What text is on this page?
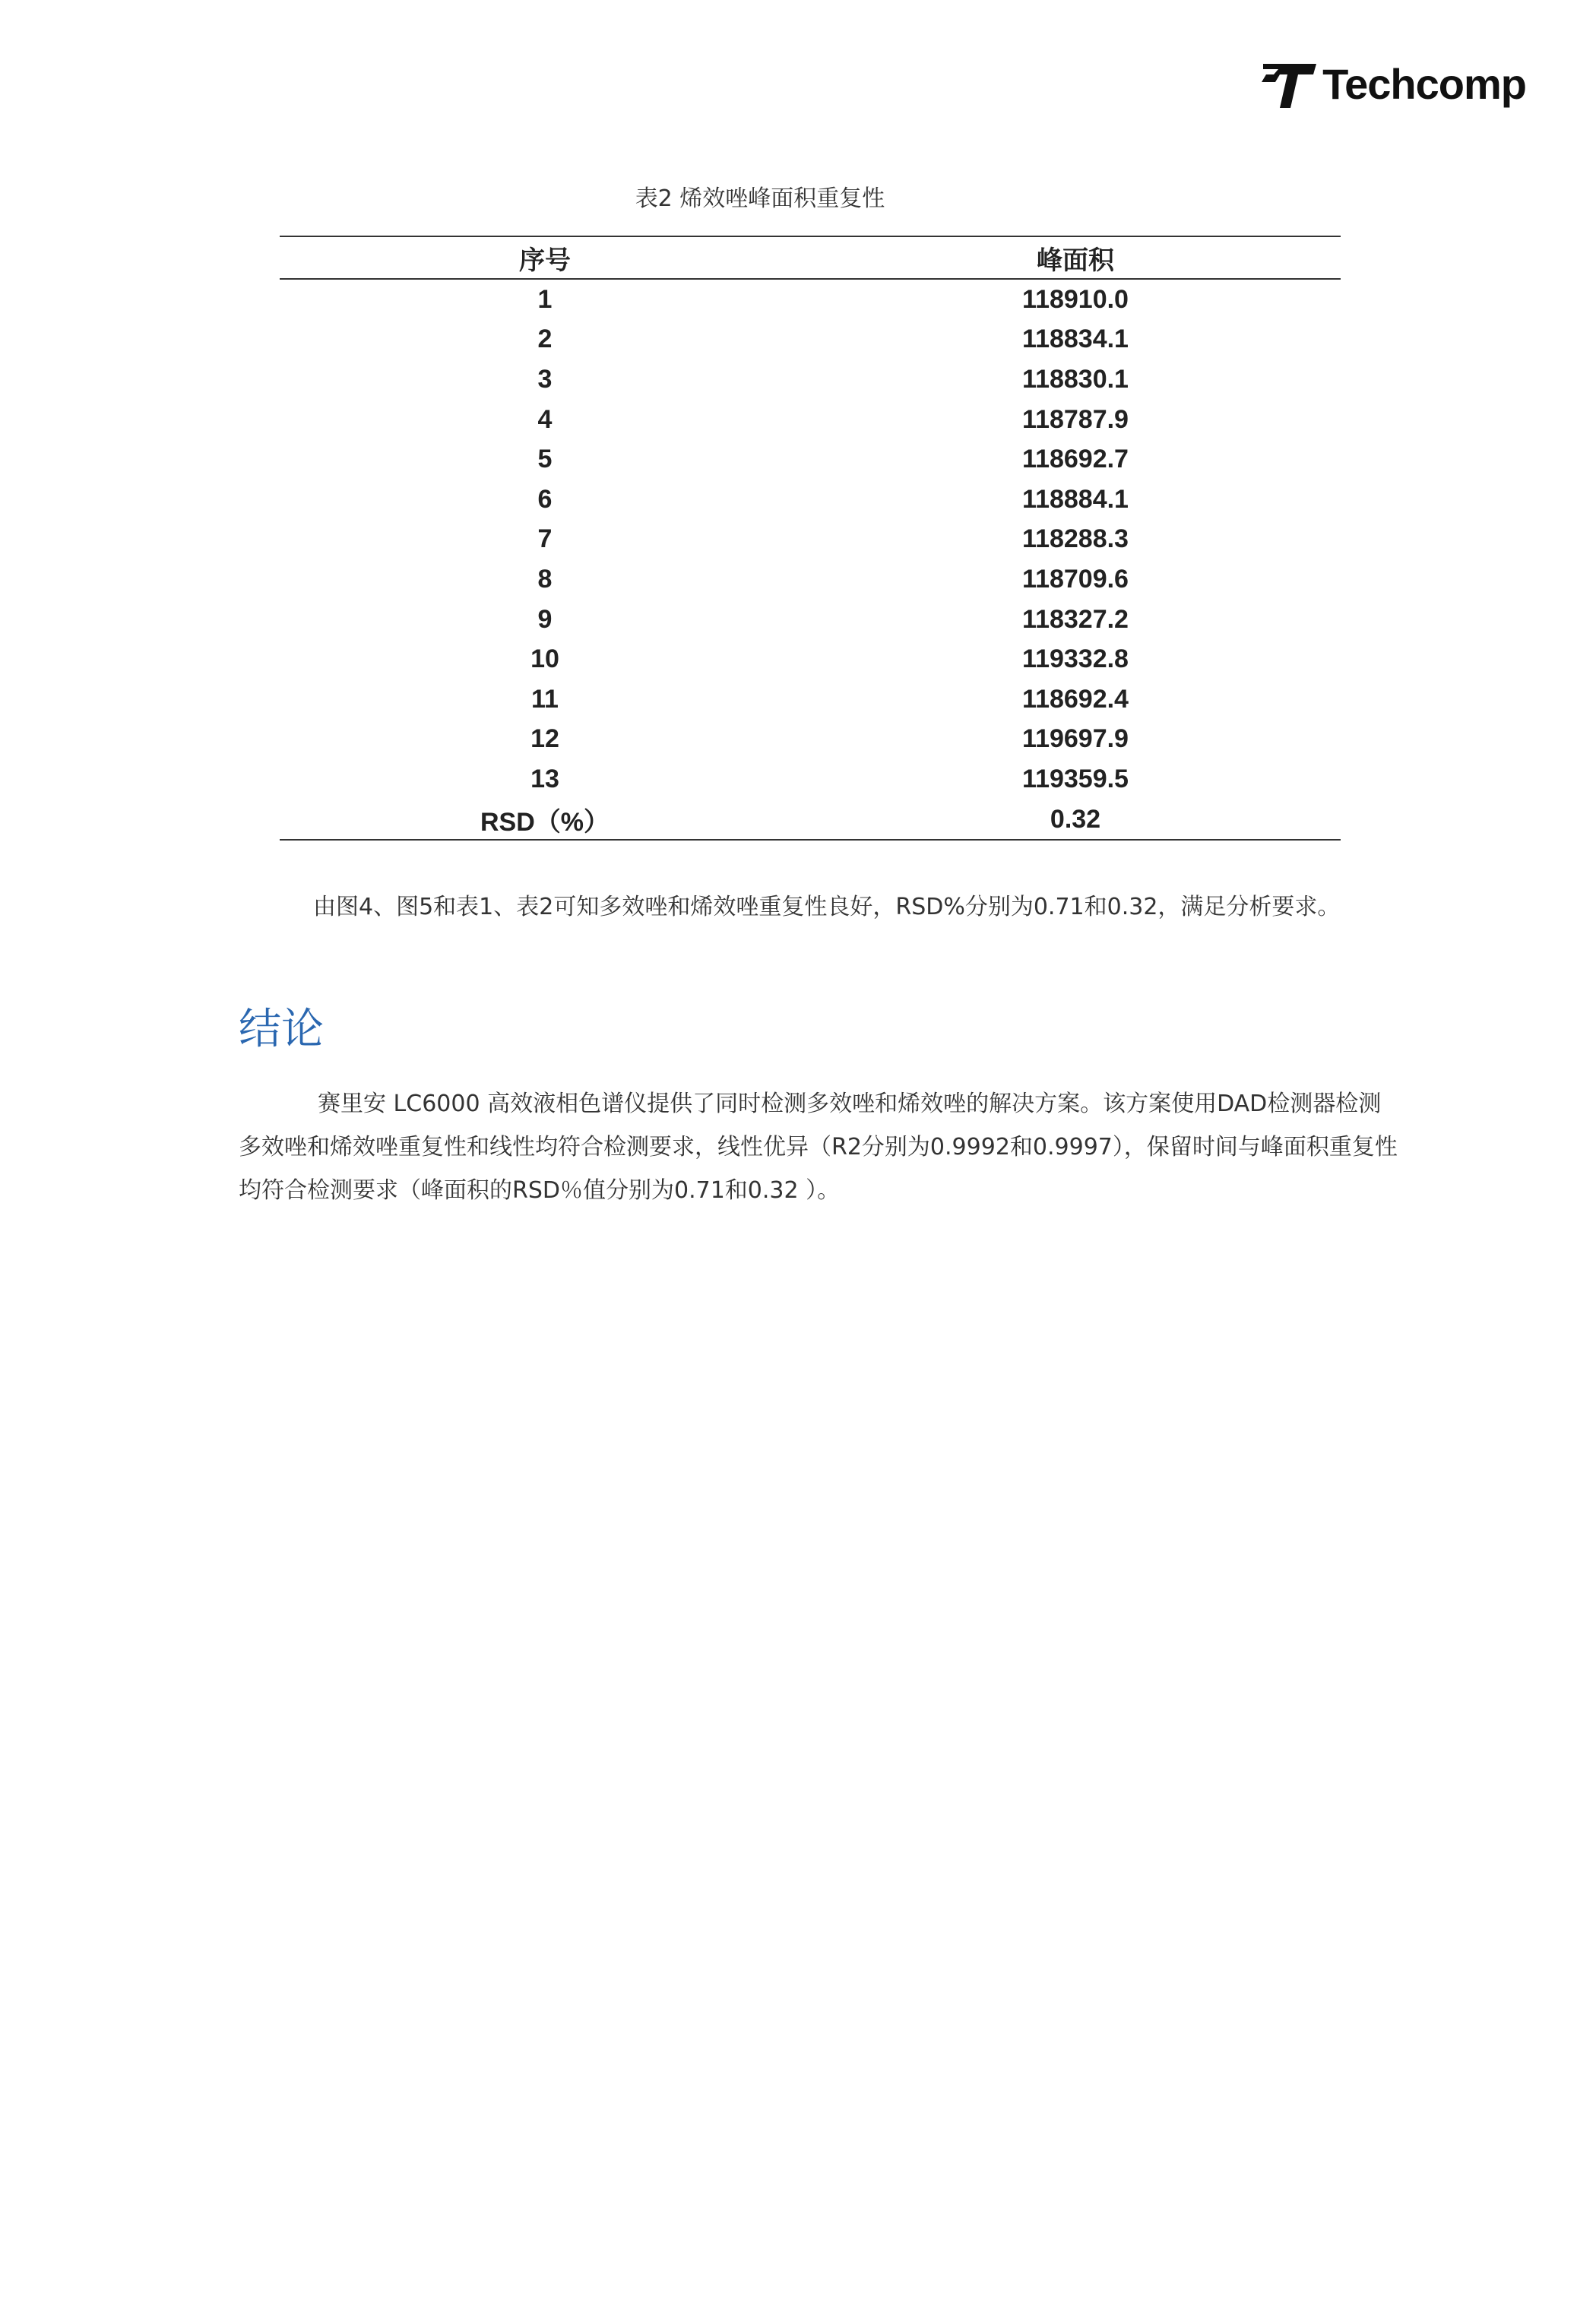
Techcomp
表2 烯效唑峰面积重复性
序号	峰面积
1	118910.0
2	118834.1
3	118830.1
4	118787.9
5	118692.7
6	118884.1
7	118288.3
8	118709.6
9	118327.2
10	119332.8
11	118692.4
12	119697.9
13	119359.5
RSD（%）	0.32
由图4、图5和表1、表2可知多效唑和烯效唑重复性良好，RSD%分别为0.71和0.32，满足分析要求。
结论

赛里安 LC6000 高效液相色谱仪提供了同时检测多效唑和烯效唑的解决方案。该方案使用DAD检测器检测

多效唑和烯效唑重复性和线性均符合检测要求，线性优异（R2分别为0.9992和0.9997），保留时间与峰面积重复性

均符合检测要求（峰面积的RSD％值分别为0.71和0.32 ）。
